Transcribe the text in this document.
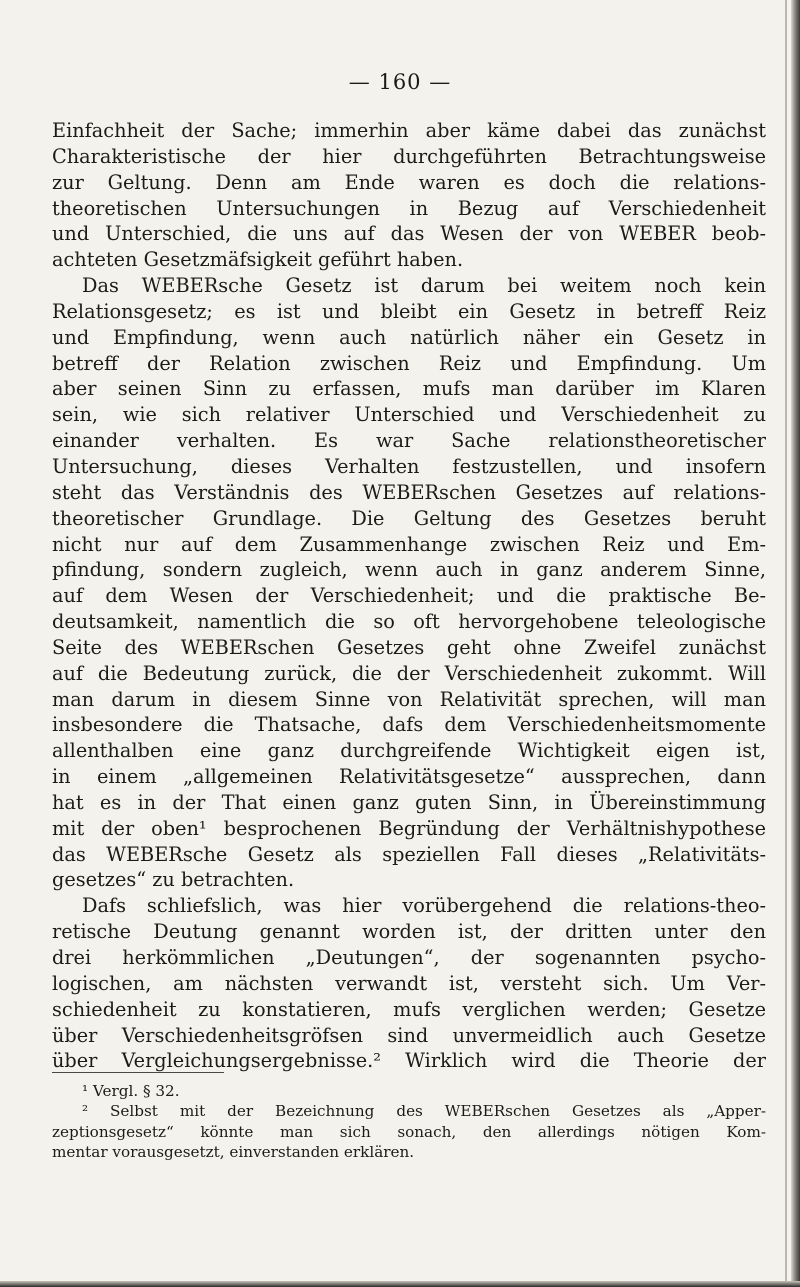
— 160 —
Einfachheit der Sache; immerhin aber käme dabei das zunächst
Charakteristische der hier durchgeführten Betrachtungsweise
zur Geltung. Denn am Ende waren es doch die relations-
theoretischen Untersuchungen in Bezug auf Verschiedenheit
und Unterschied, die uns auf das Wesen der von WEBER beob-
achteten Gesetzmäfsigkeit geführt haben.
Das WEBERsche Gesetz ist darum bei weitem noch kein
Relationsgesetz; es ist und bleibt ein Gesetz in betreff Reiz
und Empfindung, wenn auch natürlich näher ein Gesetz in
betreff der Relation zwischen Reiz und Empfindung. Um
aber seinen Sinn zu erfassen, mufs man darüber im Klaren
sein, wie sich relativer Unterschied und Verschiedenheit zu
einander verhalten. Es war Sache relationstheoretischer
Untersuchung, dieses Verhalten festzustellen, und insofern
steht das Verständnis des WEBERschen Gesetzes auf relations-
theoretischer Grundlage. Die Geltung des Gesetzes beruht
nicht nur auf dem Zusammenhange zwischen Reiz und Em-
pfindung, sondern zugleich, wenn auch in ganz anderem Sinne,
auf dem Wesen der Verschiedenheit; und die praktische Be-
deutsamkeit, namentlich die so oft hervorgehobene teleologische
Seite des WEBERschen Gesetzes geht ohne Zweifel zunächst
auf die Bedeutung zurück, die der Verschiedenheit zukommt. Will
man darum in diesem Sinne von Relativität sprechen, will man
insbesondere die Thatsache, dafs dem Verschiedenheitsmomente
allenthalben eine ganz durchgreifende Wichtigkeit eigen ist,
in einem „allgemeinen Relativitätsgesetze“ aussprechen, dann
hat es in der That einen ganz guten Sinn, in Übereinstimmung
mit der oben¹ besprochenen Begründung der Verhältnishypothese
das WEBERsche Gesetz als speziellen Fall dieses „Relativitäts-
gesetzes“ zu betrachten.
Dafs schliefslich, was hier vorübergehend die relations-theo-
retische Deutung genannt worden ist, der dritten unter den
drei herkömmlichen „Deutungen“, der sogenannten psycho-
logischen, am nächsten verwandt ist, versteht sich. Um Ver-
schiedenheit zu konstatieren, mufs verglichen werden; Gesetze
über Verschiedenheitsgröfsen sind unvermeidlich auch Gesetze
über Vergleichungsergebnisse.² Wirklich wird die Theorie der
¹ Vergl. § 32.
² Selbst mit der Bezeichnung des WEBERschen Gesetzes als „Apper-
zeptionsgesetz“ könnte man sich sonach, den allerdings nötigen Kom-
mentar vorausgesetzt, einverstanden erklären.
